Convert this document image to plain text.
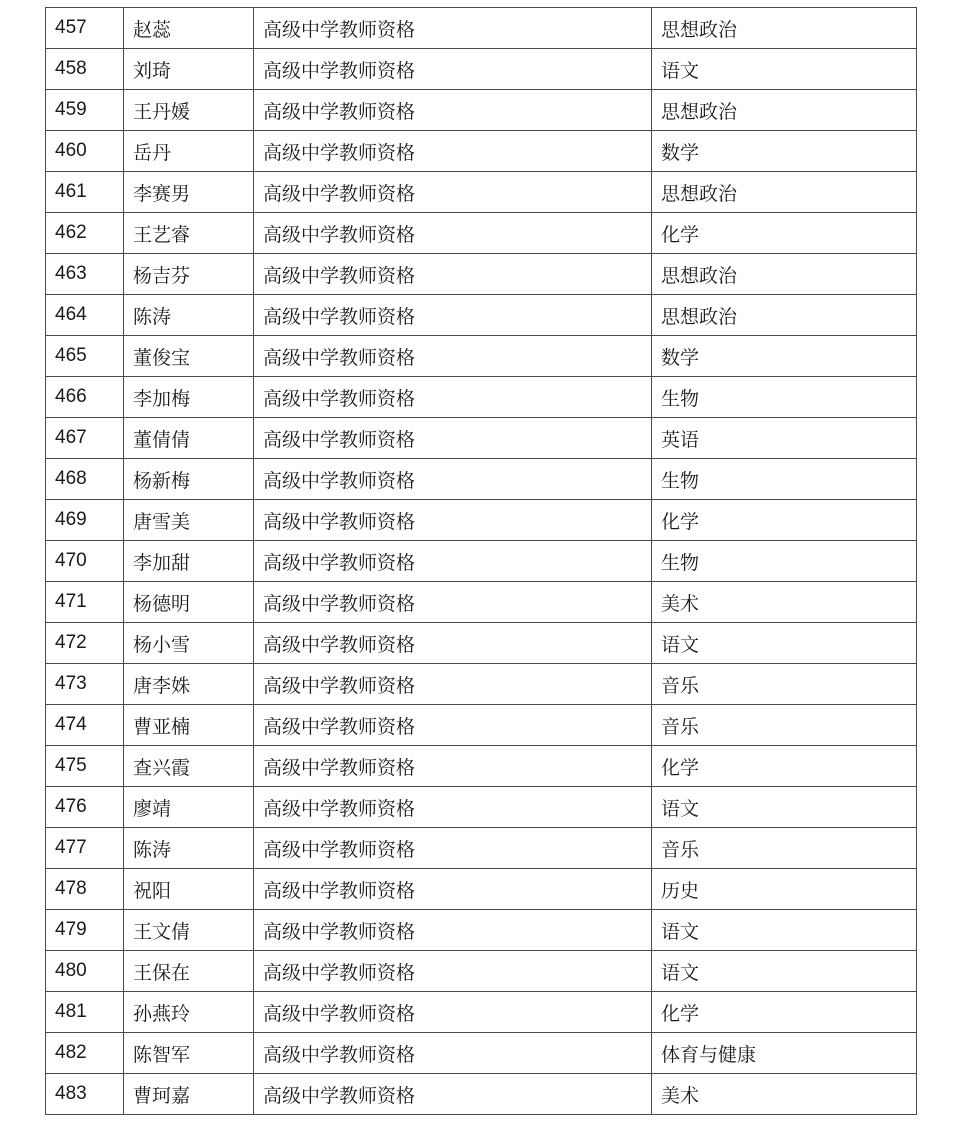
457	赵蕊	高级中学教师资格	思想政治
458	刘琦	高级中学教师资格	语文
459	王丹媛	高级中学教师资格	思想政治
460	岳丹	高级中学教师资格	数学
461	李赛男	高级中学教师资格	思想政治
462	王艺睿	高级中学教师资格	化学
463	杨吉芬	高级中学教师资格	思想政治
464	陈涛	高级中学教师资格	思想政治
465	董俊宝	高级中学教师资格	数学
466	李加梅	高级中学教师资格	生物
467	董倩倩	高级中学教师资格	英语
468	杨新梅	高级中学教师资格	生物
469	唐雪美	高级中学教师资格	化学
470	李加甜	高级中学教师资格	生物
471	杨德明	高级中学教师资格	美术
472	杨小雪	高级中学教师资格	语文
473	唐李姝	高级中学教师资格	音乐
474	曹亚楠	高级中学教师资格	音乐
475	查兴霞	高级中学教师资格	化学
476	廖靖	高级中学教师资格	语文
477	陈涛	高级中学教师资格	音乐
478	祝阳	高级中学教师资格	历史
479	王文倩	高级中学教师资格	语文
480	王保在	高级中学教师资格	语文
481	孙燕玲	高级中学教师资格	化学
482	陈智军	高级中学教师资格	体育与健康
483	曹珂嘉	高级中学教师资格	美术
